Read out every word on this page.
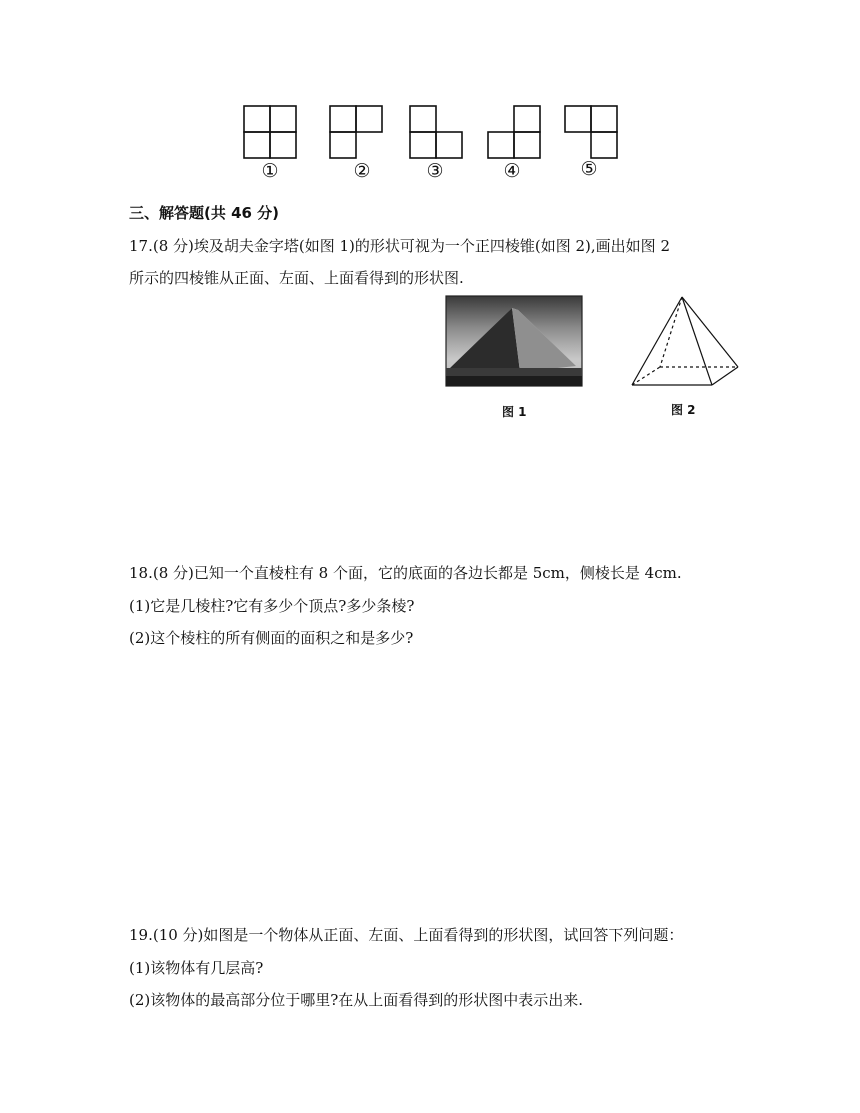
①	②	③	④	⑤
三、解答题(共 46 分)
17.(8 分)埃及胡夫金字塔(如图 1)的形状可视为一个正四棱锥(如图 2),画出如图 2
所示的四棱锥从正面、左面、上面看得到的形状图.
图 1	图 2
18.(8 分)已知一个直棱柱有 8 个面，它的底面的各边长都是 5cm，侧棱长是 4cm.
(1)它是几棱柱?它有多少个顶点?多少条棱?
(2)这个棱柱的所有侧面的面积之和是多少?
19.(10 分)如图是一个物体从正面、左面、上面看得到的形状图，试回答下列问题：
(1)该物体有几层高?
(2)该物体的最高部分位于哪里?在从上面看得到的形状图中表示出来.
